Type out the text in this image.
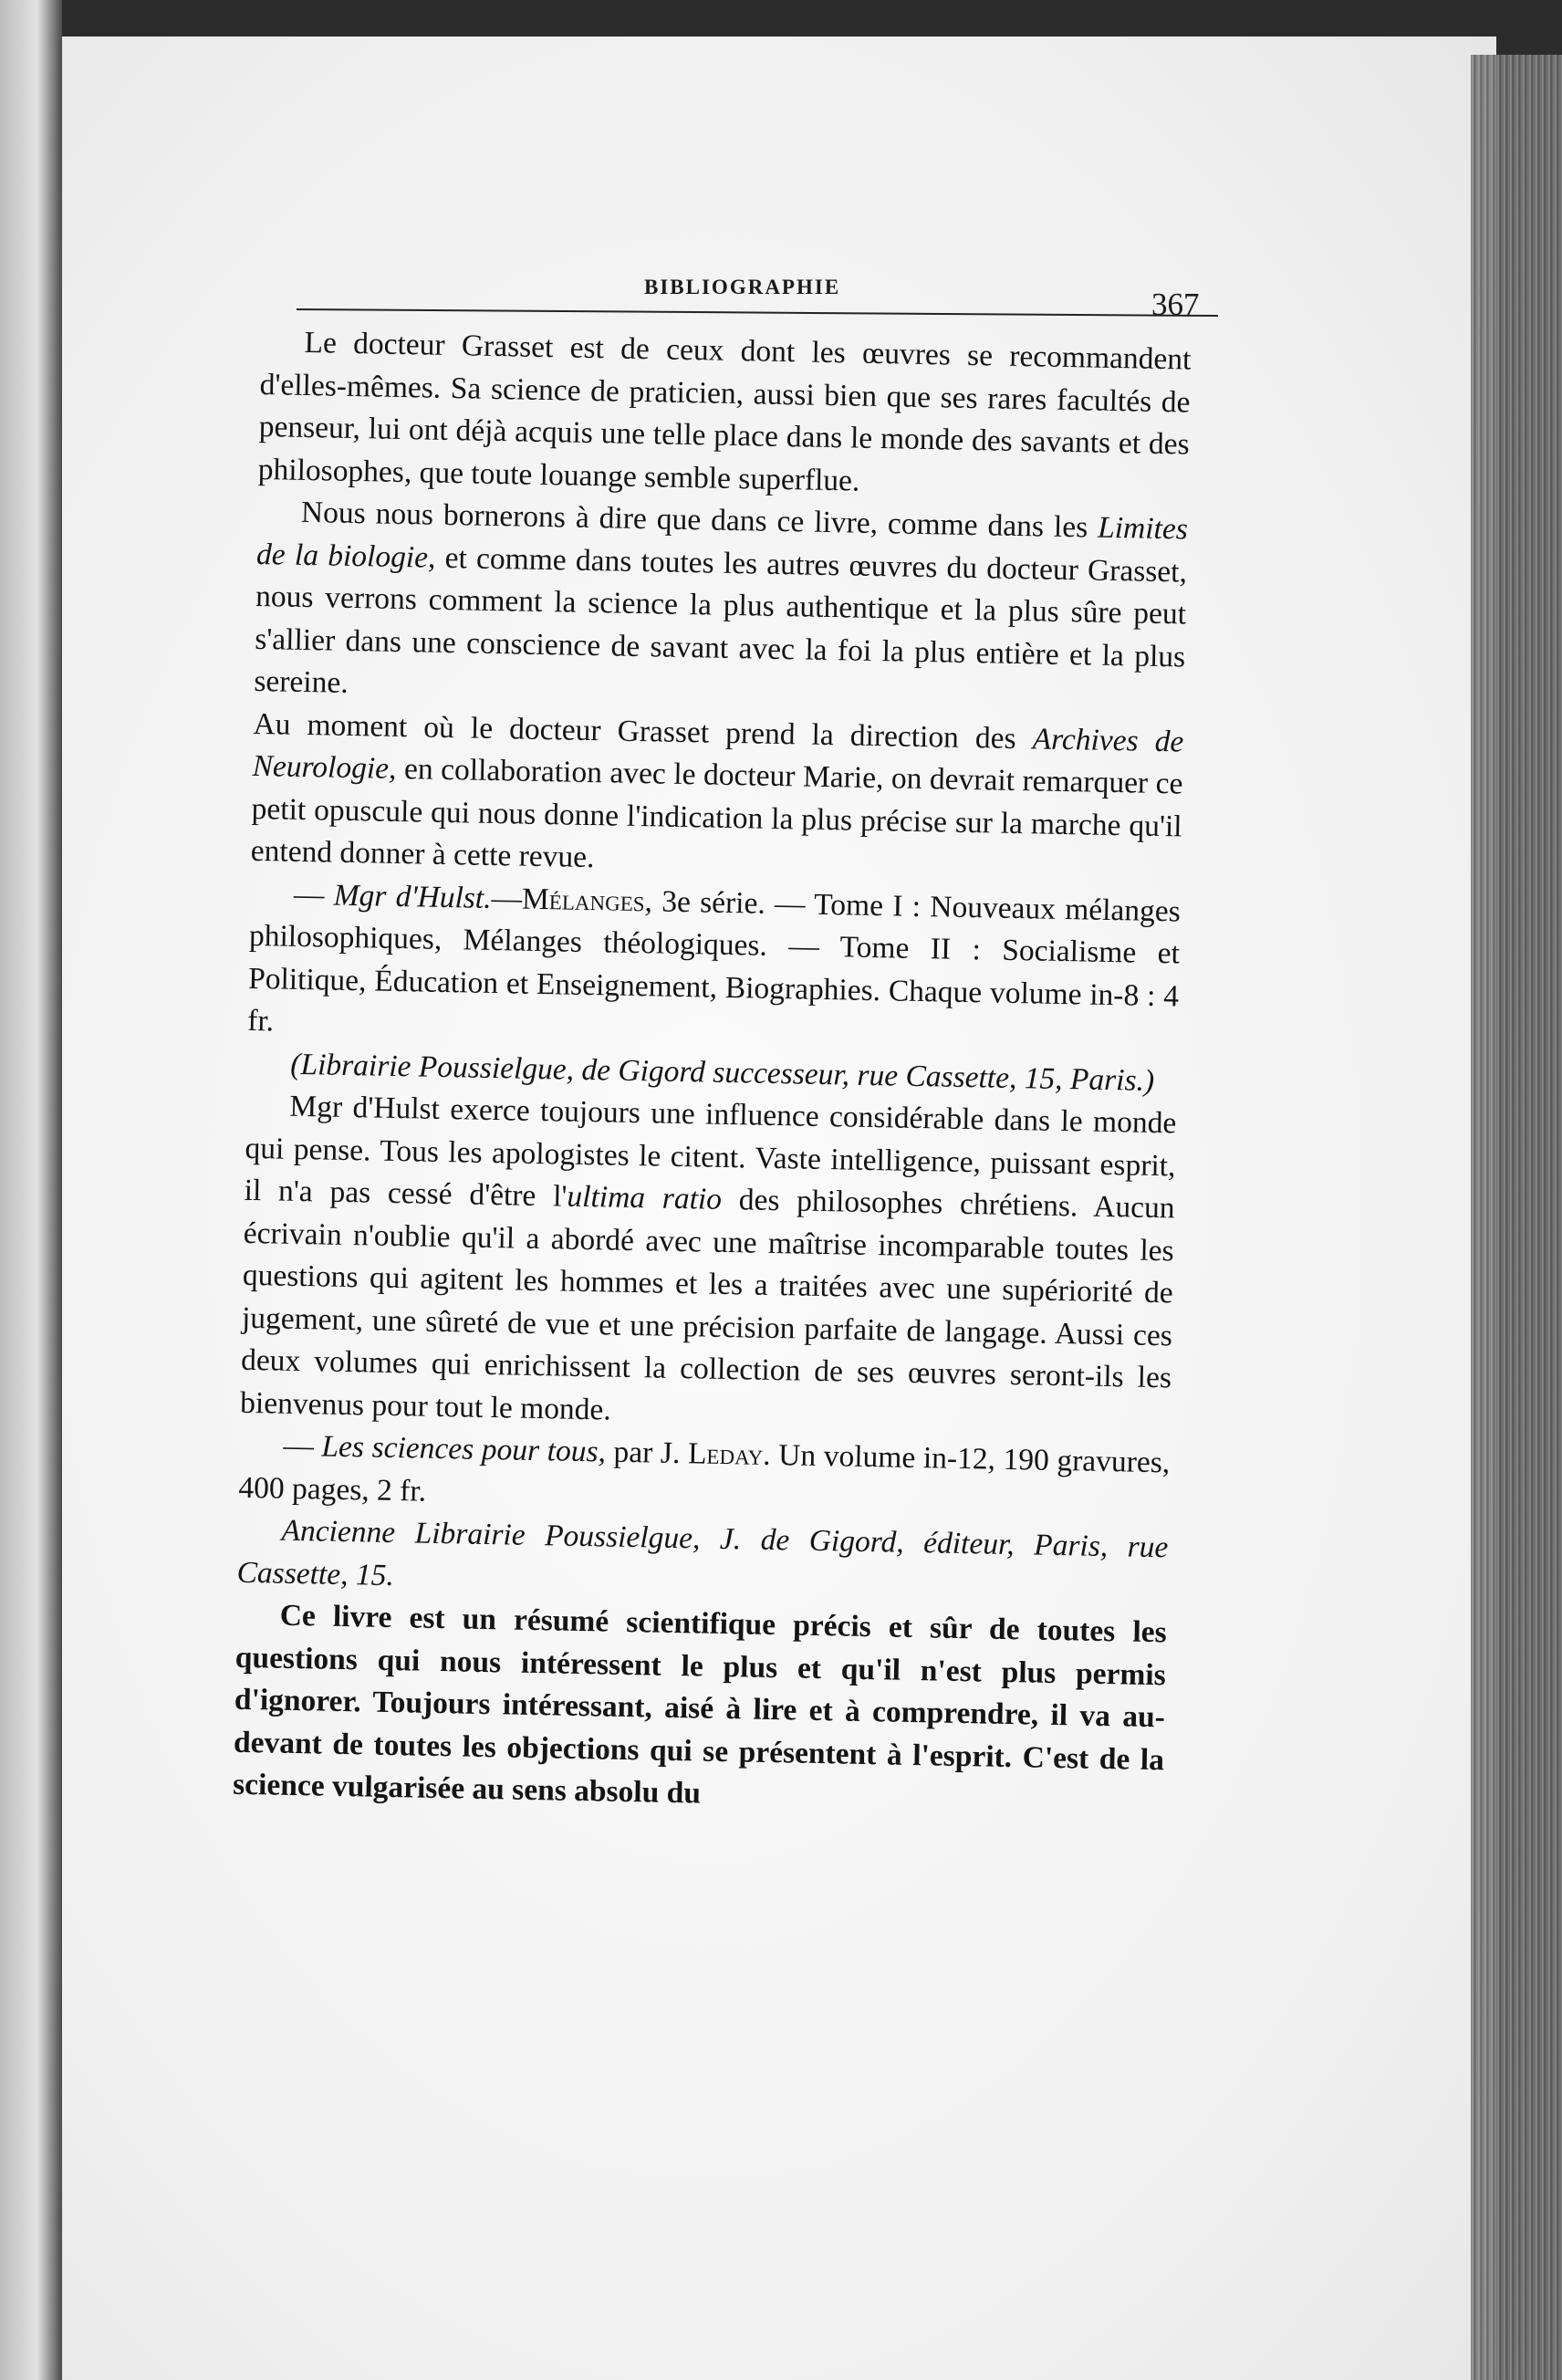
BIBLIOGRAPHIE	367

Le docteur Grasset est de ceux dont les œuvres se recommandent d'elles-mêmes. Sa science de praticien, aussi bien que ses rares facultés de penseur, lui ont déjà acquis une telle place dans le monde des savants et des philosophes, que toute louange semble superflue.

Nous nous bornerons à dire que dans ce livre, comme dans les Limites de la biologie, et comme dans toutes les autres œuvres du docteur Grasset, nous verrons comment la science la plus authentique et la plus sûre peut s'allier dans une conscience de savant avec la foi la plus entière et la plus sereine.

Au moment où le docteur Grasset prend la direction des Archives de Neurologie, en collaboration avec le docteur Marie, on devrait remarquer ce petit opuscule qui nous donne l'indication la plus précise sur la marche qu'il entend donner à cette revue.

— Mgr d'Hulst.—Mélanges, 3e série. — Tome I : Nouveaux mélanges philosophiques, Mélanges théologiques. — Tome II : Socialisme et Politique, Éducation et Enseignement, Biographies. Chaque volume in-8 : 4 fr.

(Librairie Poussielgue, de Gigord successeur, rue Cassette, 15, Paris.)

Mgr d'Hulst exerce toujours une influence considérable dans le monde qui pense. Tous les apologistes le citent. Vaste intelligence, puissant esprit, il n'a pas cessé d'être l'ultima ratio des philosophes chrétiens. Aucun écrivain n'oublie qu'il a abordé avec une maîtrise incomparable toutes les questions qui agitent les hommes et les a traitées avec une supériorité de jugement, une sûreté de vue et une précision parfaite de langage. Aussi ces deux volumes qui enrichissent la collection de ses œuvres seront-ils les bienvenus pour tout le monde.

— Les sciences pour tous, par J. Leday. Un volume in-12, 190 gravures, 400 pages, 2 fr.

Ancienne Librairie Poussielgue, J. de Gigord, éditeur, Paris, rue Cassette, 15.

Ce livre est un résumé scientifique précis et sûr de toutes les questions qui nous intéressent le plus et qu'il n'est plus permis d'ignorer. Toujours intéressant, aisé à lire et à comprendre, il va au-devant de toutes les objections qui se présentent à l'esprit. C'est de la science vulgarisée au sens absolu du
